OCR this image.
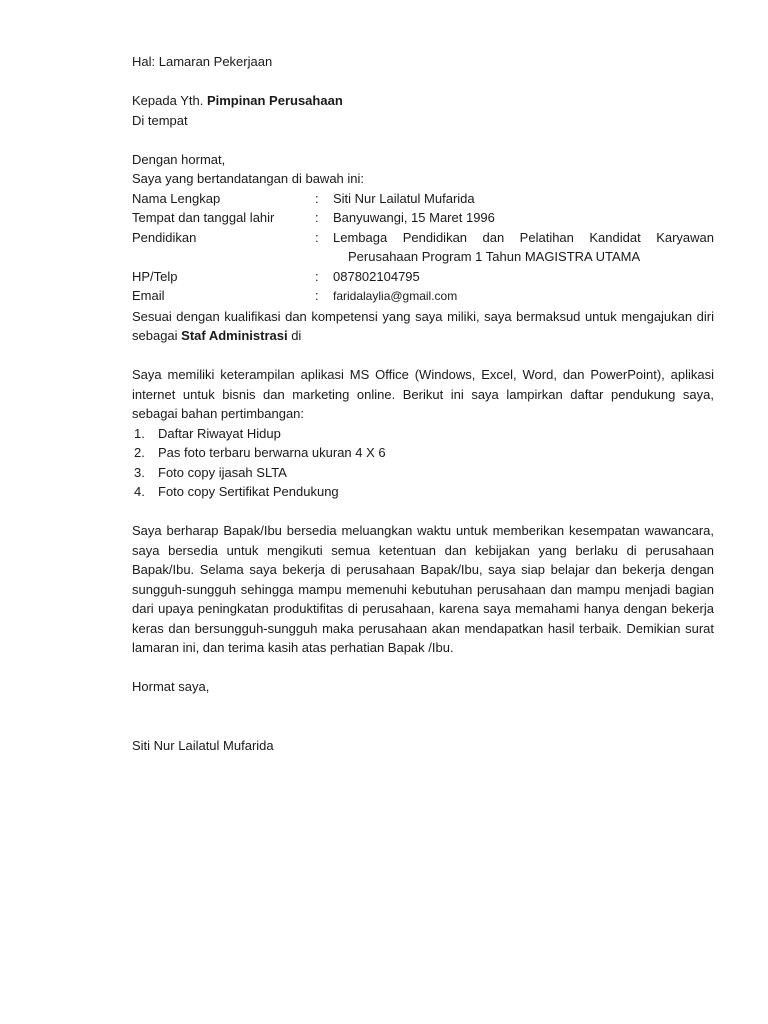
Hal: Lamaran Pekerjaan

Kepada Yth. Pimpinan Perusahaan

Di tempat

Dengan hormat,

Saya yang bertandatangan di bawah ini:

Nama Lengkap	:	Siti Nur Lailatul Mufarida
Tempat dan tanggal lahir	:	Banyuwangi, 15 Maret 1996
Pendidikan	:	Lembaga Pendidikan dan Pelatihan Kandidat Karyawan
Perusahaan Program 1 Tahun MAGISTRA UTAMA
HP/Telp	:	087802104795
Email	:	faridalaylia@gmail.com

Sesuai dengan kualifikasi dan kompetensi yang saya miliki, saya bermaksud untuk mengajukan diri sebagai Staf Administrasi di

Saya memiliki keterampilan aplikasi MS Office (Windows, Excel, Word, dan PowerPoint), aplikasi internet untuk bisnis dan marketing online. Berikut ini saya lampirkan daftar pendukung saya, sebagai bahan pertimbangan:

1.	Daftar Riwayat Hidup
2.	Pas foto terbaru berwarna ukuran 4 X 6
3.	Foto copy ijasah SLTA
4.	Foto copy Sertifikat Pendukung

Saya berharap Bapak/Ibu bersedia meluangkan waktu untuk memberikan kesempatan wawancara, saya bersedia untuk mengikuti semua ketentuan dan kebijakan yang berlaku di perusahaan Bapak/Ibu. Selama saya bekerja di perusahaan Bapak/Ibu, saya siap belajar dan bekerja dengan sungguh-sungguh sehingga mampu memenuhi kebutuhan perusahaan dan mampu menjadi bagian dari upaya peningkatan produktifitas di perusahaan, karena saya memahami hanya dengan bekerja keras dan bersungguh-sungguh maka perusahaan akan mendapatkan hasil terbaik. Demikian surat lamaran ini, dan terima kasih atas perhatian Bapak /Ibu.

Hormat saya,

Siti Nur Lailatul Mufarida
